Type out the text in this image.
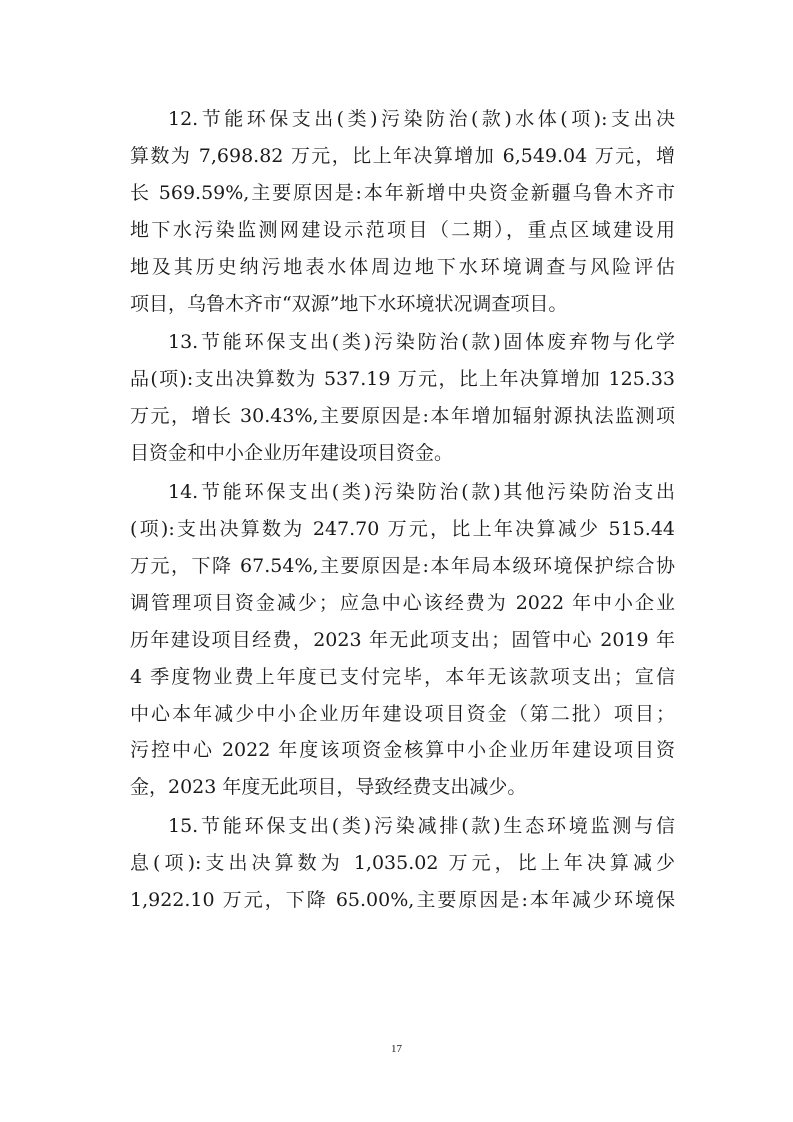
12.节能环保支出(类)污染防治(款)水体(项):支出决
算数为 7,698.82 万元，比上年决算增加 6,549.04 万元，增
长 569.59%,主要原因是:本年新增中央资金新疆乌鲁木齐市
地下水污染监测网建设示范项目（二期），重点区域建设用
地及其历史纳污地表水体周边地下水环境调查与风险评估
项目，乌鲁木齐市“双源”地下水环境状况调查项目。

13.节能环保支出(类)污染防治(款)固体废弃物与化学
品(项):支出决算数为 537.19 万元，比上年决算增加 125.33
万元，增长 30.43%,主要原因是:本年增加辐射源执法监测项
目资金和中小企业历年建设项目资金。

14.节能环保支出(类)污染防治(款)其他污染防治支出
(项):支出决算数为 247.70 万元，比上年决算减少 515.44
万元，下降 67.54%,主要原因是:本年局本级环境保护综合协
调管理项目资金减少；应急中心该经费为 2022 年中小企业
历年建设项目经费，2023 年无此项支出；固管中心 2019 年
4 季度物业费上年度已支付完毕，本年无该款项支出；宣信
中心本年减少中小企业历年建设项目资金（第二批）项目；
污控中心 2022 年度该项资金核算中小企业历年建设项目资
金，2023 年度无此项目，导致经费支出减少。

15.节能环保支出(类)污染减排(款)生态环境监测与信
息(项):支出决算数为 1,035.02 万元，比上年决算减少
1,922.10 万元，下降 65.00%,主要原因是:本年减少环境保

17
